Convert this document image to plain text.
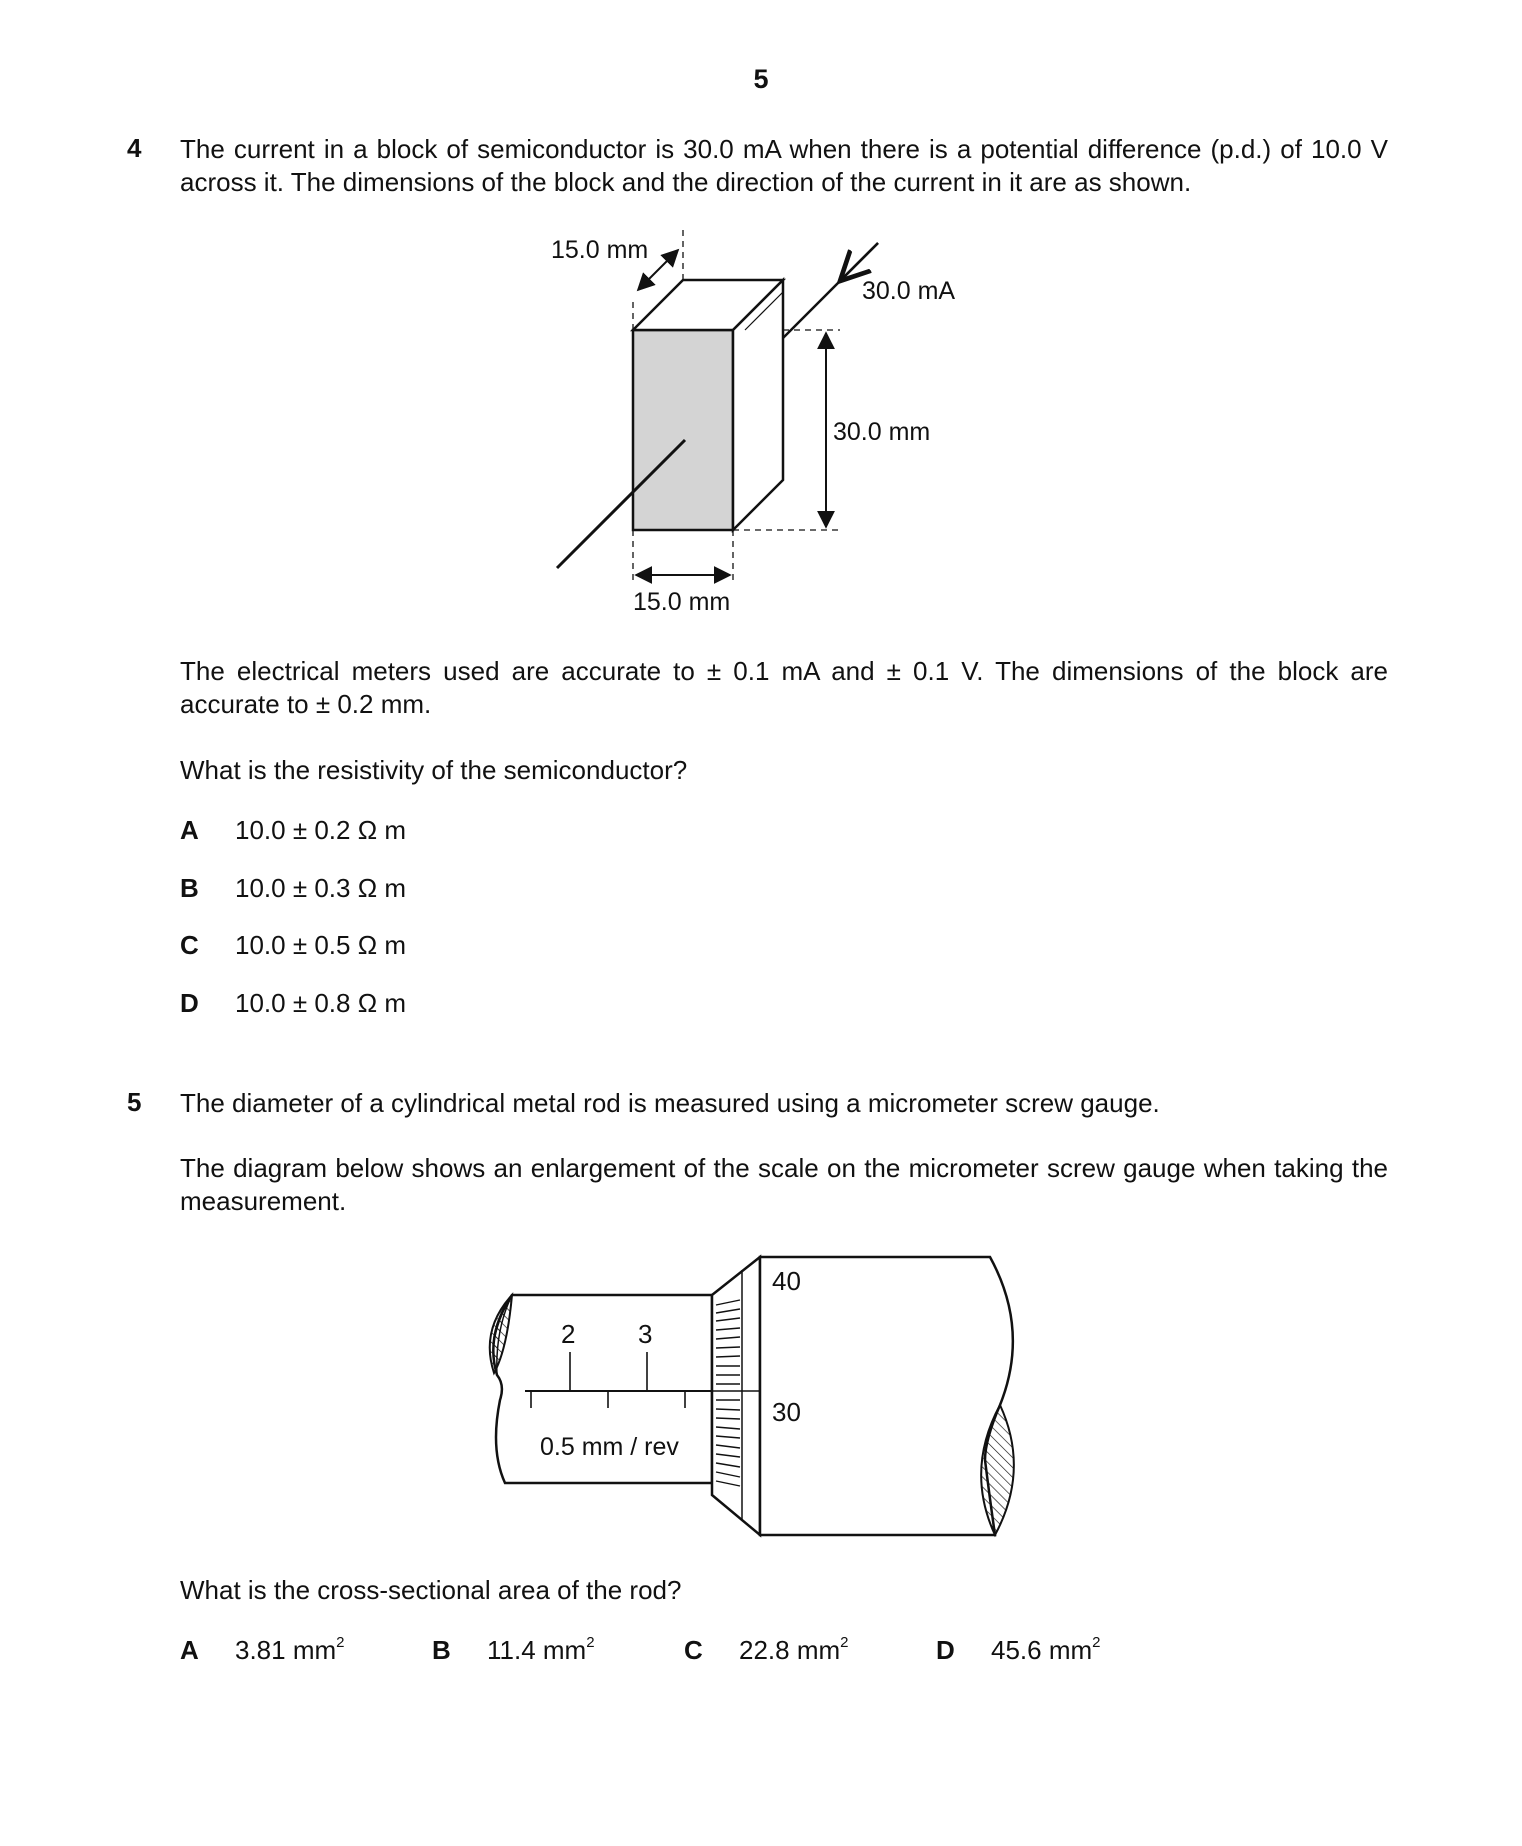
5
4 The current in a block of semiconductor is 30.0 mA when there is a potential difference (p.d.) of 10.0 V across it. The dimensions of the block and the direction of the current in it are as shown.
15.0 mm
30.0 mA
30.0 mm
15.0 mm
The electrical meters used are accurate to ± 0.1 mA and ± 0.1 V. The dimensions of the block are accurate to ± 0.2 mm.
What is the resistivity of the semiconductor?
A 10.0 ± 0.2 Ω m
B 10.0 ± 0.3 Ω m
C 10.0 ± 0.5 Ω m
D 10.0 ± 0.8 Ω m
5 The diameter of a cylindrical metal rod is measured using a micrometer screw gauge.
The diagram below shows an enlargement of the scale on the micrometer screw gauge when taking the measurement.
2 3
0.5 mm / rev
40
30
What is the cross-sectional area of the rod?
A 3.81 $mm^2$	B 11.4 $mm^2$	C 22.8 $mm^2$	D 45.6 $mm^2$
